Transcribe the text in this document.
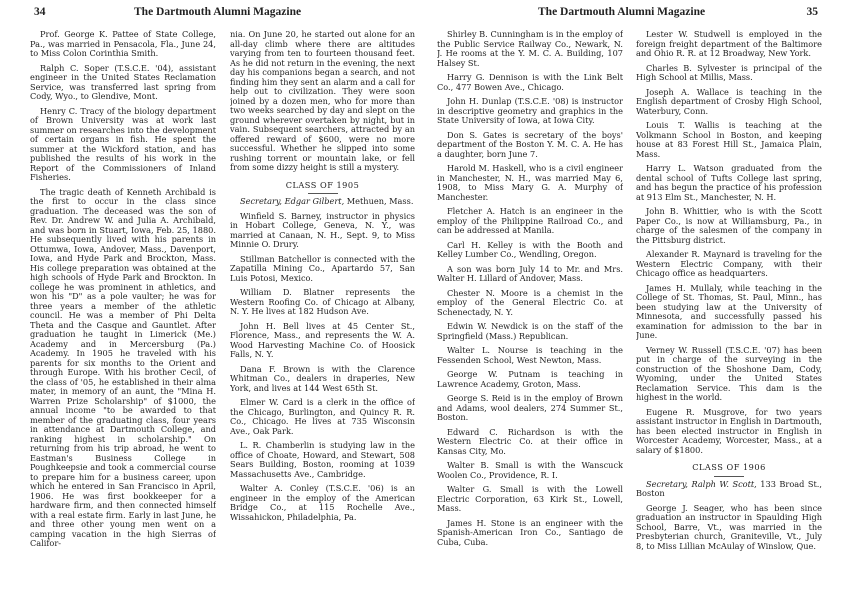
34	The Dartmouth Alumni Magazine	The Dartmouth Alumni Magazine	35

Prof. George K. Pattee of State College, Pa., was married in Pensacola, Fla., June 24, to Miss Colon Corinthia Smith.

Ralph C. Soper (T.S.C.E. '04), assistant engineer in the United States Reclamation Service, was transferred last spring from Cody, Wyo., to Glendive, Mont.

Henry C. Tracy of the biology department of Brown University was at work last summer on researches into the development of certain organs in fish. He spent the summer at the Wickford station, and has published the results of his work in the Report of the Commissioners of Inland Fisheries.

The tragic death of Kenneth Archibald is the first to occur in the class since graduation. The deceased was the son of Rev. Dr. Andrew W. and Julia A. Archibald, and was born in Stuart, Iowa, Feb. 25, 1880. He subsequently lived with his parents in Ottumwa, Iowa, Andover, Mass., Davenport, Iowa, and Hyde Park and Brockton, Mass. His college preparation was obtained at the high schools of Hyde Park and Brockton. In college he was prominent in athletics, and won his "D" as a pole vaulter; he was for three years a member of the athletic council. He was a member of Phi Delta Theta and the Casque and Gauntlet. After graduation he taught in Limerick (Me.) Academy and in Mercersburg (Pa.) Academy. In 1905 he traveled with his parents for six months to the Orient and through Europe. With his brother Cecil, of the class of '05, he established in their alma mater, in memory of an aunt, the "Mina H. Warren Prize Scholarship" of $1000, the annual income "to be awarded to that member of the graduating class, four years in attendance at Dartmouth College, and ranking highest in scholarship." On returning from his trip abroad, he went to Eastman's Business College in Poughkeepsie and took a commercial course to prepare him for a business career, upon which he entered in San Francisco in April, 1906. He was first bookkeeper for a hardware firm, and then connected himself with a real estate firm. Early in last June, he and three other young men went on a camping vacation in the high Sierras of Califor-

nia. On June 20, he started out alone for an all-day climb where there are altitudes varying from ten to fourteen thousand feet. As he did not return in the evening, the next day his companions began a search, and not finding him they sent an alarm and a call for help out to civilization. They were soon joined by a dozen men, who for more than two weeks searched by day and slept on the ground wherever overtaken by night, but in vain. Subsequent searchers, attracted by an offered reward of $600, were no more successful. Whether he slipped into some rushing torrent or mountain lake, or fell from some dizzy height is still a mystery.

CLASS OF 1905

Secretary, Edgar Gilbert, Methuen, Mass.

Winfield S. Barney, instructor in physics in Hobart College, Geneva, N. Y., was married at Canaan, N. H., Sept. 9, to Miss Minnie O. Drury.

Stillman Batchellor is connected with the Zapatilla Mining Co., Apartardo 57, San Luis Potosi, Mexico.

William D. Blatner represents the Western Roofing Co. of Chicago at Albany, N. Y. He lives at 182 Hudson Ave.

John H. Bell lives at 45 Center St., Florence, Mass., and represents the W. A. Wood Harvesting Machine Co. of Hoosick Falls, N. Y.

Dana F. Brown is with the Clarence Whitman Co., dealers in draperies, New York, and lives at 144 West 65th St.

Elmer W. Card is a clerk in the office of the Chicago, Burlington, and Quincy R. R. Co., Chicago. He lives at 735 Wisconsin Ave., Oak Park.

L. R. Chamberlin is studying law in the office of Choate, Howard, and Stewart, 508 Sears Building, Boston, rooming at 1039 Massachusetts Ave., Cambridge.

Walter A. Conley (T.S.C.E. '06) is an engineer in the employ of the American Bridge Co., at 115 Rochelle Ave., Wissahickon, Philadelphia, Pa.

Shirley B. Cunningham is in the employ of the Public Service Railway Co., Newark, N. J. He rooms at the Y. M. C. A. Building, 107 Halsey St.

Harry G. Dennison is with the Link Belt Co., 477 Bowen Ave., Chicago.

John H. Dunlap (T.S.C.E. '08) is instructor in descriptive geometry and graphics in the State University of Iowa, at Iowa City.

Don S. Gates is secretary of the boys' department of the Boston Y. M. C. A. He has a daughter, born June 7.

Harold M. Haskell, who is a civil engineer in Manchester, N. H., was married May 6, 1908, to Miss Mary G. A. Murphy of Manchester.

Fletcher A. Hatch is an engineer in the employ of the Philippine Railroad Co., and can be addressed at Manila.

Carl H. Kelley is with the Booth and Kelley Lumber Co., Wendling, Oregon.

A son was born July 14 to Mr. and Mrs. Walter H. Lillard of Andover, Mass.

Chester N. Moore is a chemist in the employ of the General Electric Co. at Schenectady, N. Y.

Edwin W. Newdick is on the staff of the Springfield (Mass.) Republican.

Walter L. Nourse is teaching in the Fessenden School, West Newton, Mass.

George W. Putnam is teaching in Lawrence Academy, Groton, Mass.

George S. Reid is in the employ of Brown and Adams, wool dealers, 274 Summer St., Boston.

Edward C. Richardson is with the Western Electric Co. at their office in Kansas City, Mo.

Walter B. Small is with the Wanscuck Woolen Co., Providence, R. I.

Walter G. Small is with the Lowell Electric Corporation, 63 Kirk St., Lowell, Mass.

James H. Stone is an engineer with the Spanish-American Iron Co., Santiago de Cuba, Cuba.

Lester W. Studwell is employed in the foreign freight department of the Baltimore and Ohio R. R. at 12 Broadway, New York.

Charles B. Sylvester is principal of the High School at Millis, Mass.

Joseph A. Wallace is teaching in the English department of Crosby High School, Waterbury, Conn.

Louis T. Wallis is teaching at the Volkmann School in Boston, and keeping house at 83 Forest Hill St., Jamaica Plain, Mass.

Harry L. Watson graduated from the dental school of Tufts College last spring, and has begun the practice of his profession at 913 Elm St., Manchester, N. H.

John B. Whittier, who is with the Scott Paper Co., is now at Williamsburg, Pa., in charge of the salesmen of the company in the Pittsburg district.

Alexander R. Maynard is traveling for the Western Electric Company, with their Chicago office as headquarters.

James H. Mullaly, while teaching in the College of St. Thomas, St. Paul, Minn., has been studying law at the University of Minnesota, and successfully passed his examination for admission to the bar in June.

Verney W. Russell (T.S.C.E. '07) has been put in charge of the surveying in the construction of the Shoshone Dam, Cody, Wyoming, under the United States Reclamation Service. This dam is the highest in the world.

Eugene R. Musgrove, for two years assistant instructor in English in Dartmouth, has been elected instructor in English in Worcester Academy, Worcester, Mass., at a salary of $1800.

CLASS OF 1906

Secretary, Ralph W. Scott, 133 Broad St., Boston

George J. Seager, who has been since graduation an instructor in Spaulding High School, Barre, Vt., was married in the Presbyterian church, Graniteville, Vt., July 8, to Miss Lillian McAulay of Winslow, Que.
